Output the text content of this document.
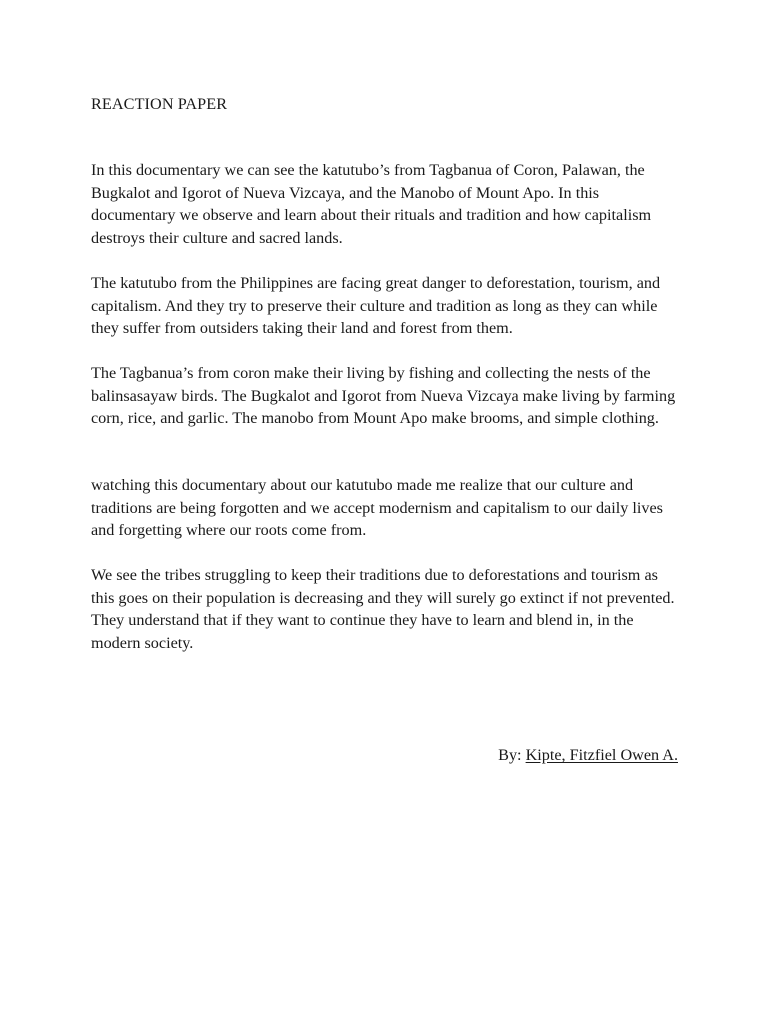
REACTION PAPER

In this documentary we can see the katutubo’s from Tagbanua of Coron, Palawan, the Bugkalot and Igorot of Nueva Vizcaya, and the Manobo of Mount Apo. In this documentary we observe and learn about their rituals and tradition and how capitalism destroys their culture and sacred lands.

The katutubo from the Philippines are facing great danger to deforestation, tourism, and capitalism. And they try to preserve their culture and tradition as long as they can while they suffer from outsiders taking their land and forest from them.

The Tagbanua’s from coron make their living by fishing and collecting the nests of the balinsasayaw birds. The Bugkalot and Igorot from Nueva Vizcaya make living by farming corn, rice, and garlic. The manobo from Mount Apo make brooms, and simple clothing.

watching this documentary about our katutubo made me realize that our culture and traditions are being forgotten and we accept modernism and capitalism to our daily lives and forgetting where our roots come from.

We see the tribes struggling to keep their traditions due to deforestations and tourism as this goes on their population is decreasing and they will surely go extinct if not prevented. They understand that if they want to continue they have to learn and blend in, in the modern society.

By: Kipte, Fitzfiel Owen A.
